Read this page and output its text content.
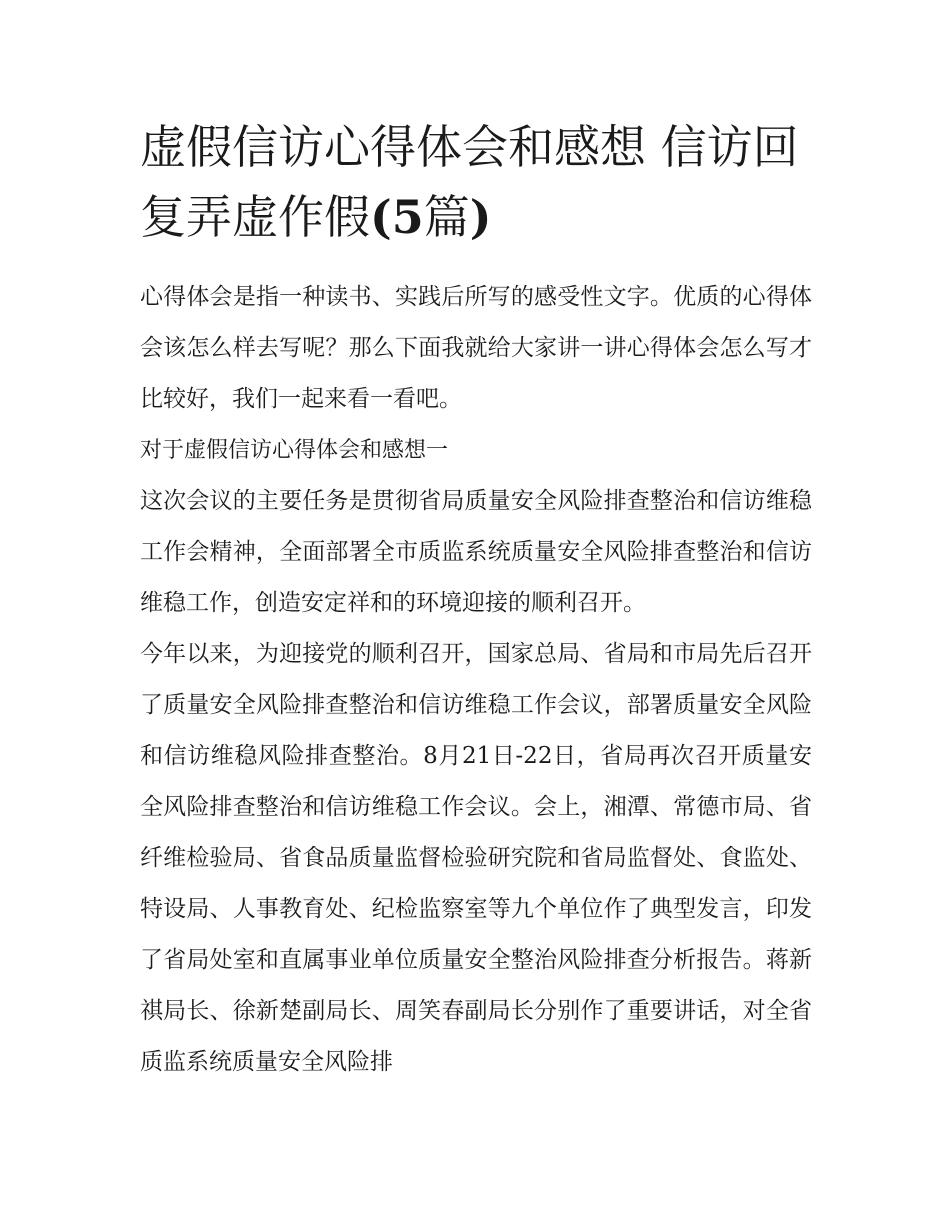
虚假信访心得体会和感想 信访回复弄虚作假(5篇)

心得体会是指一种读书、实践后所写的感受性文字。优质的心得体会该怎么样去写呢？那么下面我就给大家讲一讲心得体会怎么写才比较好，我们一起来看一看吧。

对于虚假信访心得体会和感想一

这次会议的主要任务是贯彻省局质量安全风险排查整治和信访维稳工作会精神，全面部署全市质监系统质量安全风险排查整治和信访维稳工作，创造安定祥和的环境迎接的顺利召开。

今年以来，为迎接党的顺利召开，国家总局、省局和市局先后召开了质量安全风险排查整治和信访维稳工作会议，部署质量安全风险和信访维稳风险排查整治。8月21日-22日，省局再次召开质量安全风险排查整治和信访维稳工作会议。会上，湘潭、常德市局、省纤维检验局、省食品质量监督检验研究院和省局监督处、食监处、特设局、人事教育处、纪检监察室等九个单位作了典型发言，印发了省局处室和直属事业单位质量安全整治风险排查分析报告。蒋新祺局长、徐新楚副局长、周笑春副局长分别作了重要讲话，对全省质监系统质量安全风险排
